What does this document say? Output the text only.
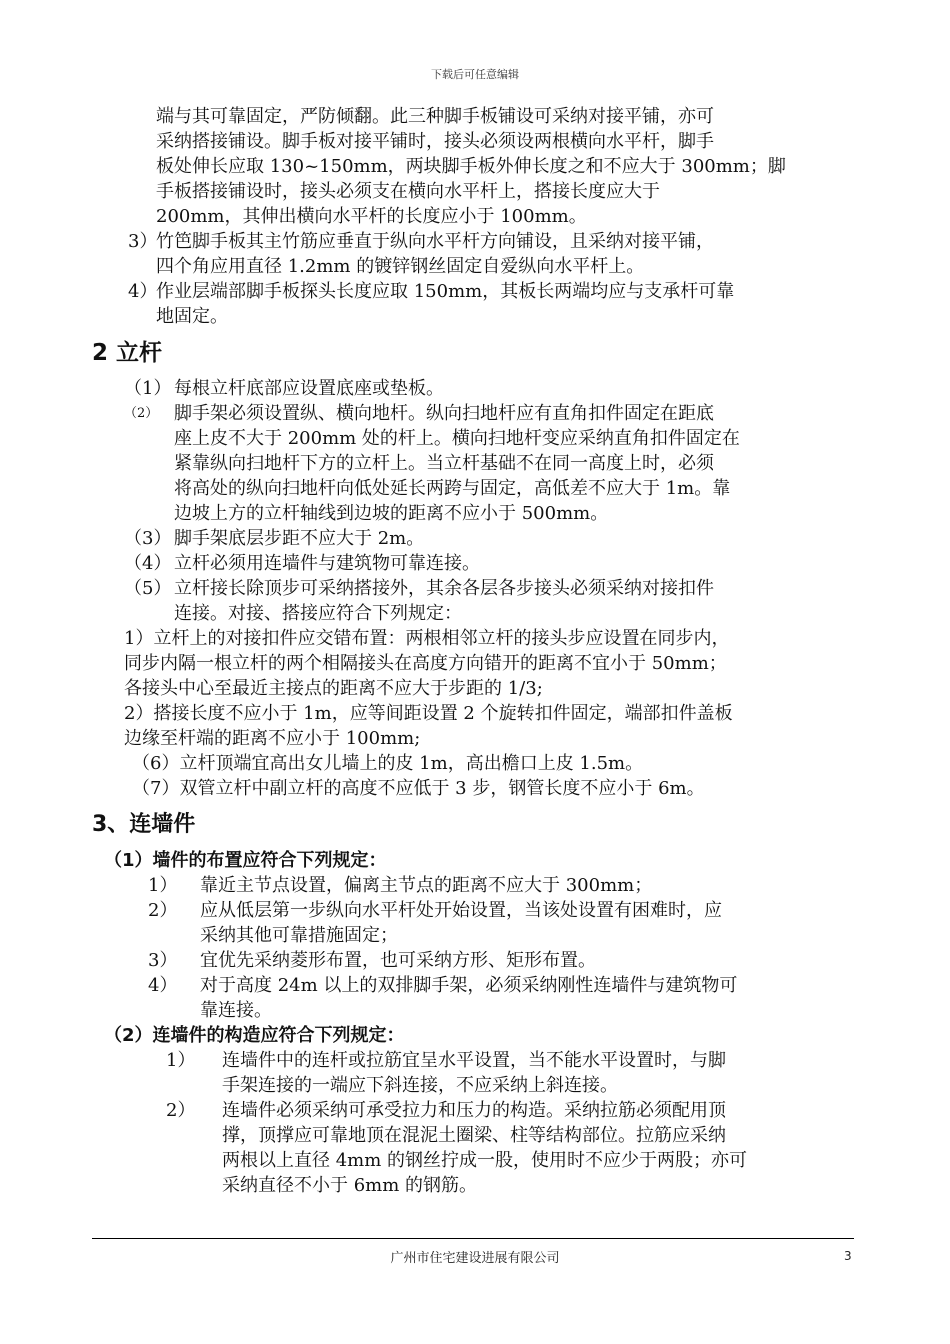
下载后可任意编辑

端与其可靠固定，严防倾翻。此三种脚手板铺设可采纳对接平铺，亦可

采纳搭接铺设。脚手板对接平铺时，接头必须设两根横向水平杆，脚手

板处伸长应取 130~150mm，两块脚手板外伸长度之和不应大于 300mm；脚

手板搭接铺设时，接头必须支在横向水平杆上，搭接长度应大于

200mm，其伸出横向水平杆的长度应小于 100mm。

3）

竹笆脚手板其主竹筋应垂直于纵向水平杆方向铺设，且采纳对接平铺，

四个角应用直径 1.2mm 的镀锌钢丝固定自爱纵向水平杆上。

4）

作业层端部脚手板探头长度应取 150mm，其板长两端均应与支承杆可靠

地固定。

2 立杆
（1） 每根立杆底部应设置底座或垫板。

（2） 脚手架必须设置纵、横向地杆。纵向扫地杆应有直角扣件固定在距底

座上皮不大于 200mm 处的杆上。横向扫地杆变应采纳直角扣件固定在

紧靠纵向扫地杆下方的立杆上。当立杆基础不在同一高度上时，必须

将高处的纵向扫地杆向低处延长两跨与固定，高低差不应大于 1m。靠

边坡上方的立杆轴线到边坡的距离不应小于 500mm。

（3） 脚手架底层步距不应大于 2m。

（4） 立杆必须用连墙件与建筑物可靠连接。

（5） 立杆接长除顶步可采纳搭接外，其余各层各步接头必须采纳对接扣件

连接。对接、搭接应符合下列规定：

1）立杆上的对接扣件应交错布置：两根相邻立杆的接头步应设置在同步内，

同步内隔一根立杆的两个相隔接头在高度方向错开的距离不宜小于 50mm；

各接头中心至最近主接点的距离不应大于步距的 1/3;

2）搭接长度不应小于 1m，应等间距设置 2 个旋转扣件固定，端部扣件盖板

边缘至杆端的距离不应小于 100mm;

（6）立杆顶端宜高出女儿墙上的皮 1m，高出檐口上皮 1.5m。

（7）双管立杆中副立杆的高度不应低于 3 步，钢管长度不应小于 6m。

3、连墙件

（1）墙件的布置应符合下列规定：

1）	靠近主节点设置，偏离主节点的距离不应大于 300mm；

2）	应从低层第一步纵向水平杆处开始设置，当该处设置有困难时，应

采纳其他可靠措施固定；

3）	宜优先采纳菱形布置，也可采纳方形、矩形布置。

4）	对于高度 24m 以上的双排脚手架，必须采纳刚性连墙件与建筑物可

靠连接。

（2）连墙件的构造应符合下列规定：

1）	连墙件中的连杆或拉筋宜呈水平设置，当不能水平设置时，与脚

手架连接的一端应下斜连接，不应采纳上斜连接。

2）	连墙件必须采纳可承受拉力和压力的构造。采纳拉筋必须配用顶

撑，顶撑应可靠地顶在混泥土圈梁、柱等结构部位。拉筋应采纳

两根以上直径 4mm 的钢丝拧成一股，使用时不应少于两股；亦可

采纳直径不小于 6mm 的钢筋。

广州市住宅建设进展有限公司	3
